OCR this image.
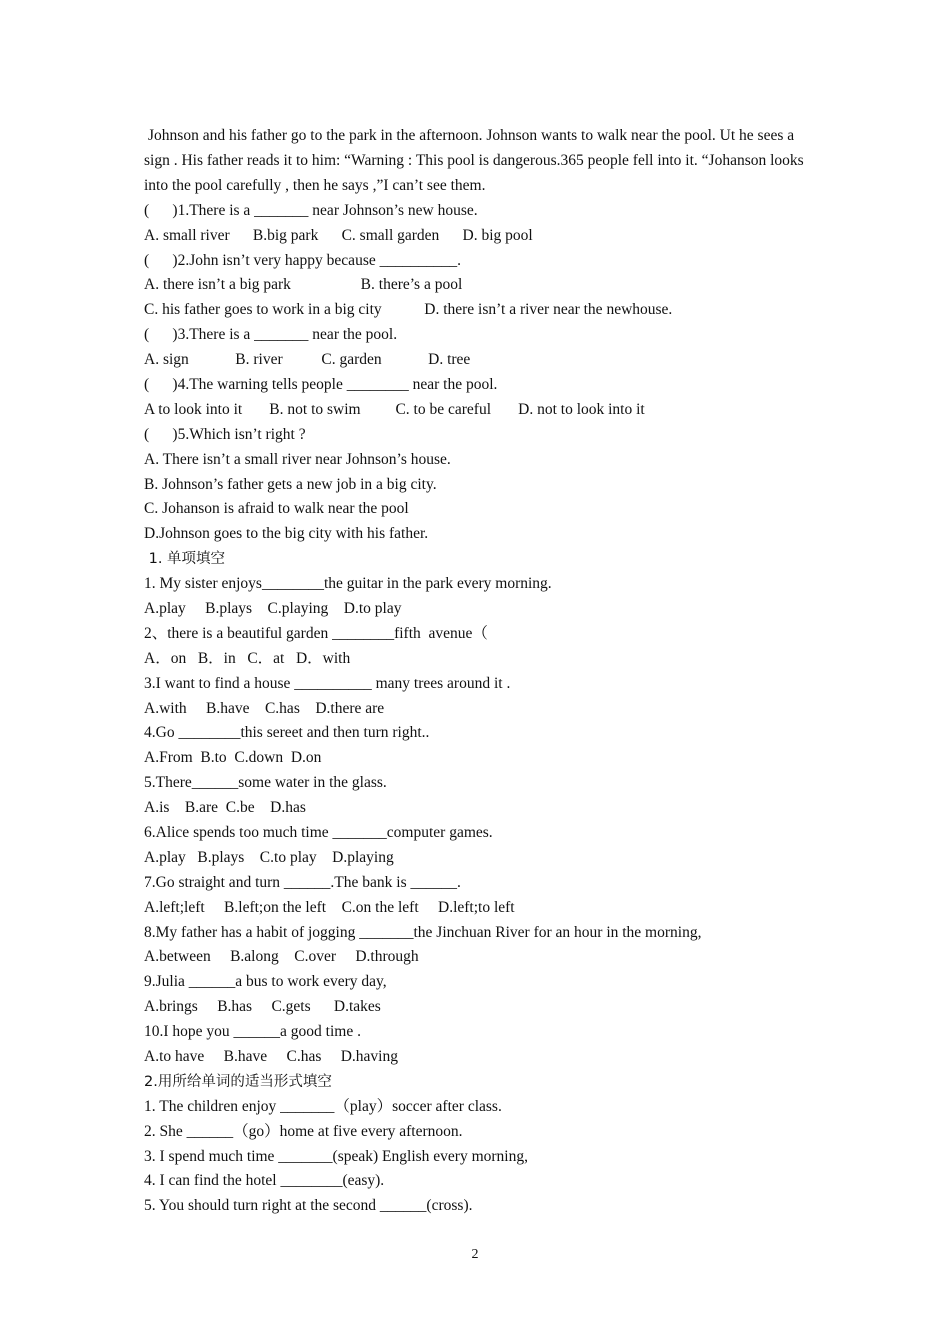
Johnson and his father go to the park in the afternoon. Johnson wants to walk near the pool. Ut he sees a sign . His father reads it to him: “Warning : This pool is dangerous.365 people fell into it. “Johanson looks into the pool carefully , then he says ,”I can’t see them.
(      )1.There is a _______ near Johnson’s new house.
A. small river      B.big park      C. small garden      D. big pool
(      )2.John isn’t very happy because __________.
A. there isn’t a big park                  B. there’s a pool
C. his father goes to work in a big city           D. there isn’t a river near the newhouse.
(      )3.There is a _______ near the pool.
A. sign            B. river          C. garden            D. tree
(      )4.The warning tells people ________ near the pool.
A to look into it       B. not to swim         C. to be careful       D. not to look into it
(      )5.Which isn’t right ?
A. There isn’t a small river near Johnson’s house.
B. Johnson’s father gets a new job in a big city.
C. Johanson is afraid to walk near the pool
D.Johnson goes to the big city with his father.
1. 单项填空
1. My sister enjoys________the guitar in the park every morning.
A.play     B.plays    C.playing    D.to play
2、there is a beautiful garden ________fifth  avenue（
A．on   B．in   C．at   D．with
3.I want to find a house __________ many trees around it .
A.with     B.have    C.has    D.there are
4.Go ________this sereet and then turn right..
A.From  B.to  C.down  D.on
5.There______some water in the glass.
A.is    B.are  C.be    D.has
6.Alice spends too much time _______computer games.
A.play   B.plays    C.to play    D.playing
7.Go straight and turn ______.The bank is ______.
A.left;left     B.left;on the left    C.on the left     D.left;to left
8.My father has a habit of jogging _______the Jinchuan River for an hour in the morning,
A.between     B.along    C.over     D.through
9.Julia ______a bus to work every day,
A.brings     B.has     C.gets      D.takes
10.I hope you ______a good time .
A.to have     B.have     C.has     D.having
2.用所给单词的适当形式填空
1. The children enjoy _______（play）soccer after class.
2. She ______（go）home at five every afternoon.
3. I spend much time _______(speak) English every morning,
4. I can find the hotel ________(easy).
5. You should turn right at the second ______(cross).
2
